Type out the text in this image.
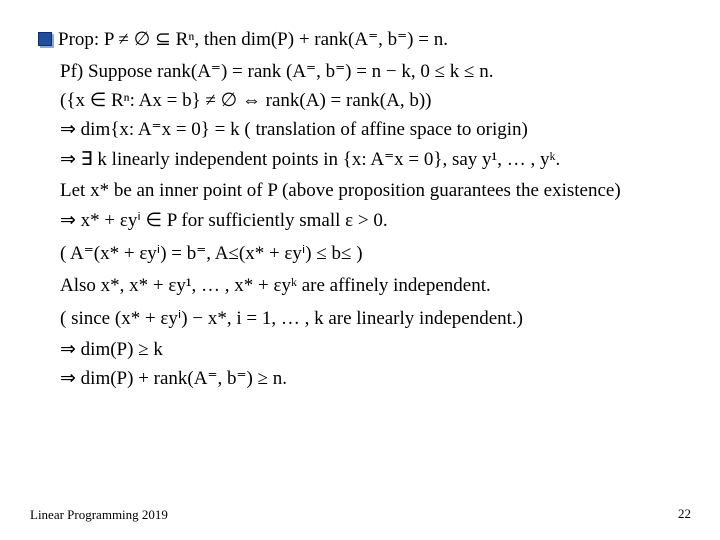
Prop: P ≠ ∅ ⊆ Rⁿ, then dim(P) + rank(A⁼, b⁼) = n.
Pf) Suppose rank(A⁼) = rank (A⁼, b⁼) = n − k, 0 ≤ k ≤ n.
({x ∈ Rⁿ: Ax = b} ≠ ∅ ⇔ rank(A) = rank(A, b))
⇒ dim{x: A⁼x = 0} = k ( translation of affine space to origin)
⇒ ∃ k linearly independent points in {x: A⁼x = 0}, say y¹, … , yᵏ.
Let x* be an inner point of P (above proposition guarantees the existence)
⇒ x* + εyⁱ ∈ P for sufficiently small ε > 0.
( A⁼(x* + εyⁱ) = b⁼, A≤(x* + εyⁱ) ≤ b≤ )
Also x*, x* + εy¹, … , x* + εyᵏ are affinely independent.
( since (x* + εyⁱ) − x*, i = 1, … , k are linearly independent.)
⇒ dim(P) ≥ k
⇒ dim(P) + rank(A⁼, b⁼) ≥ n.
Linear Programming 2019	22
